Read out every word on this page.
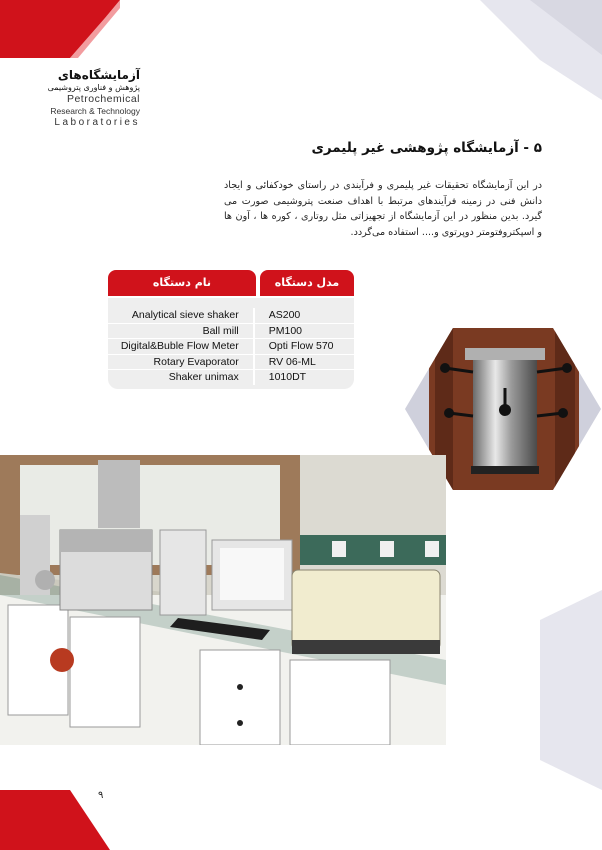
آزمایشگاه‌های
پژوهش و فناوری پتروشیمی
Petrochemical
Research & Technology
Laboratories
۵ - آزمایشگاه پژوهشی غیر پلیمری
در این آزمایشگاه تحقیقات غیر پلیمری و فرآیندی در راستای خودکفائی و ایجاد دانش فنی در زمینه فرآیندهای مرتبط با اهداف صنعت پتروشیمی صورت می گیرد. بدین منظور در این آزمایشگاه از تجهیزاتی مثل روتاری ، کوره ها ، آون ها و اسپکتروفتومتر دوپرتوی و.... استفاده می‌گردد.
نام دستگاه	مدل دستگاه
Analytical sieve shaker	AS200
Ball mill	PM100
Digital&Buble Flow Meter	Opti Flow 570
Rotary Evaporator	RV 06-ML
Shaker unimax	1010DT
۹
